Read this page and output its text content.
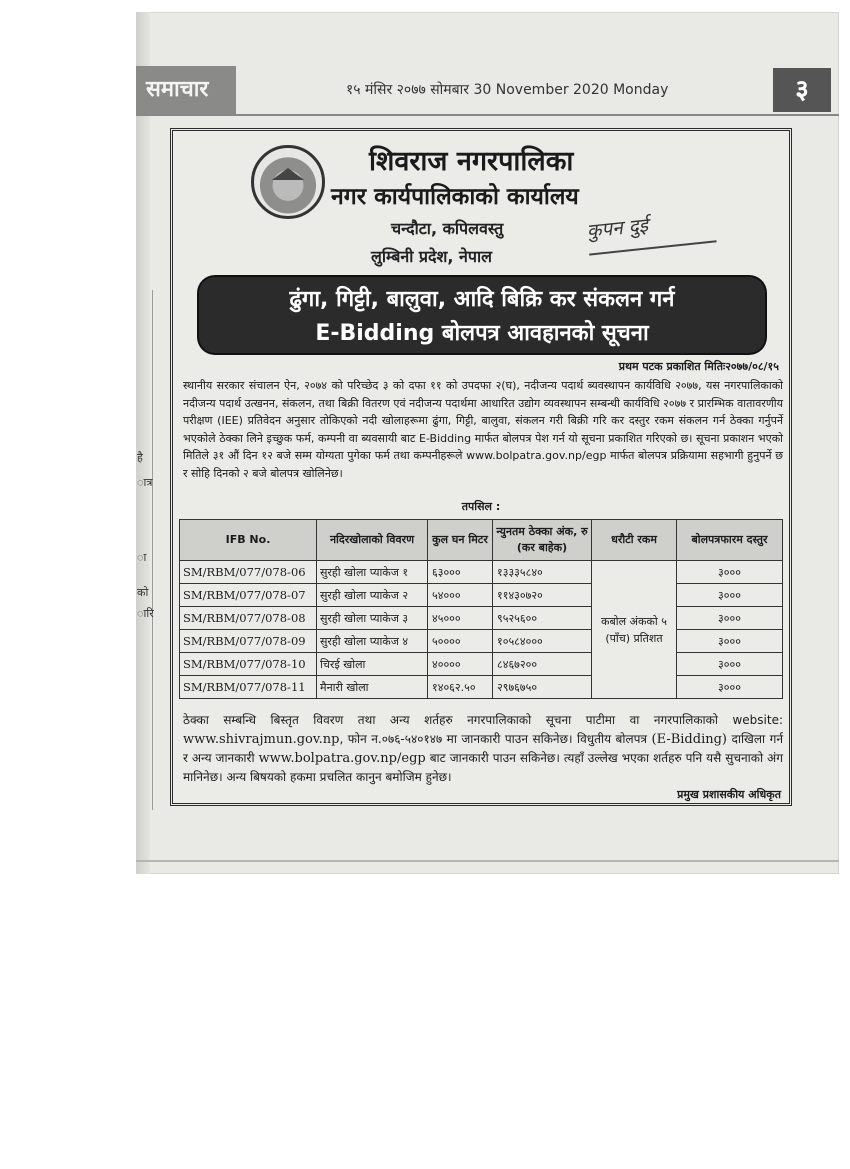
समाचार	१५ मंसिर २०७७ सोमबार 30 November 2020 Monday	३
है
ात्र
ा
को
ारि
शिवराज नगरपालिका
नगर कार्यपालिकाको कार्यालय
चन्दौटा, कपिलवस्तु	कुपन दुई
लुम्बिनी प्रदेश, नेपाल
ढुंगा, गिट्टी, बालुवा, आदि बिक्रि कर संकलन गर्न
E-Bidding बोलपत्र आवहानको सूचना
प्रथम पटक प्रकाशित मितिः२०७७/०८/१५
स्थानीय सरकार संचालन ऐन, २०७४ को परिच्छेद ३ को दफा ११ को उपदफा २(घ), नदीजन्य पदार्थ ब्यवस्थापन कार्यविधि २०७७, यस नगरपालिकाको नदीजन्य पदार्थ उत्खनन, संकलन, तथा बिक्री वितरण एवं नदीजन्य पदार्थमा आधारित उद्योग व्यवस्थापन सम्बन्धी कार्यविधि २०७७ र प्रारम्भिक वातावरणीय परीक्षण (IEE) प्रतिवेदन अनुसार तोकिएको नदी खोलाहरूमा ढुंगा, गिट्टी, बालुवा, संकलन गरी बिक्री गरि कर दस्तुर रकम संकलन गर्न ठेक्का गर्नुपर्ने भएकोले ठेक्का लिने इच्छुक फर्म, कम्पनी वा ब्यवसायी बाट E-Bidding मार्फत बोलपत्र पेश गर्न यो सूचना प्रकाशित गरिएको छ। सूचना प्रकाशन भएको मितिले ३१ औं दिन १२ बजे सम्म योग्यता पुगेका फर्म तथा कम्पनीहरूले www.bolpatra.gov.np/egp मार्फत बोलपत्र प्रक्रियामा सहभागी हुनुपर्ने छ र सोहि दिनको २ बजे बोलपत्र खोलिनेछ।
तपसिल :
IFB No.	नदिरखोलाको विवरण	कुल घन मिटर	न्युनतम ठेक्का अंक, रु (कर बाहेक)	धरौटी रकम	बोलपत्रफारम दस्तुर
SM/RBM/077/078-06	सुरही खोला प्याकेज १	६३०००	१३३३५८४०	कबोल अंकको ५ (पाँच) प्रतिशत	३०००
SM/RBM/077/078-07	सुरही खोला प्याकेज २	५४०००	११४३०७२०		३०००
SM/RBM/077/078-08	सुरही खोला प्याकेज ३	४५०००	९५२५६००		३०००
SM/RBM/077/078-09	सुरही खोला प्याकेज ४	५००००	१०५८४०००		३०००
SM/RBM/077/078-10	चिरई खोला	४००००	८४६७२००		३०००
SM/RBM/077/078-11	मैनारी खोला	१४०६२.५०	२९७६७५०		३०००
ठेक्का सम्बन्धि बिस्तृत विवरण तथा अन्य शर्तहरु नगरपालिकाको सूचना पाटीमा वा नगरपालिकाको website: www.shivrajmun.gov.np, फोन न.०७६-५४०१४७ मा जानकारी पाउन सकिनेछ। विधुतीय बोलपत्र (E-Bidding) दाखिला गर्न र अन्य जानकारी www.bolpatra.gov.np/egp बाट जानकारी पाउन सकिनेछ। त्यहाँ उल्लेख भएका शर्तहरु पनि यसै सुचनाको अंग मानिनेछ। अन्य बिषयको हकमा प्रचलित कानुन बमोजिम हुनेछ।
प्रमुख प्रशासकीय अधिकृत
